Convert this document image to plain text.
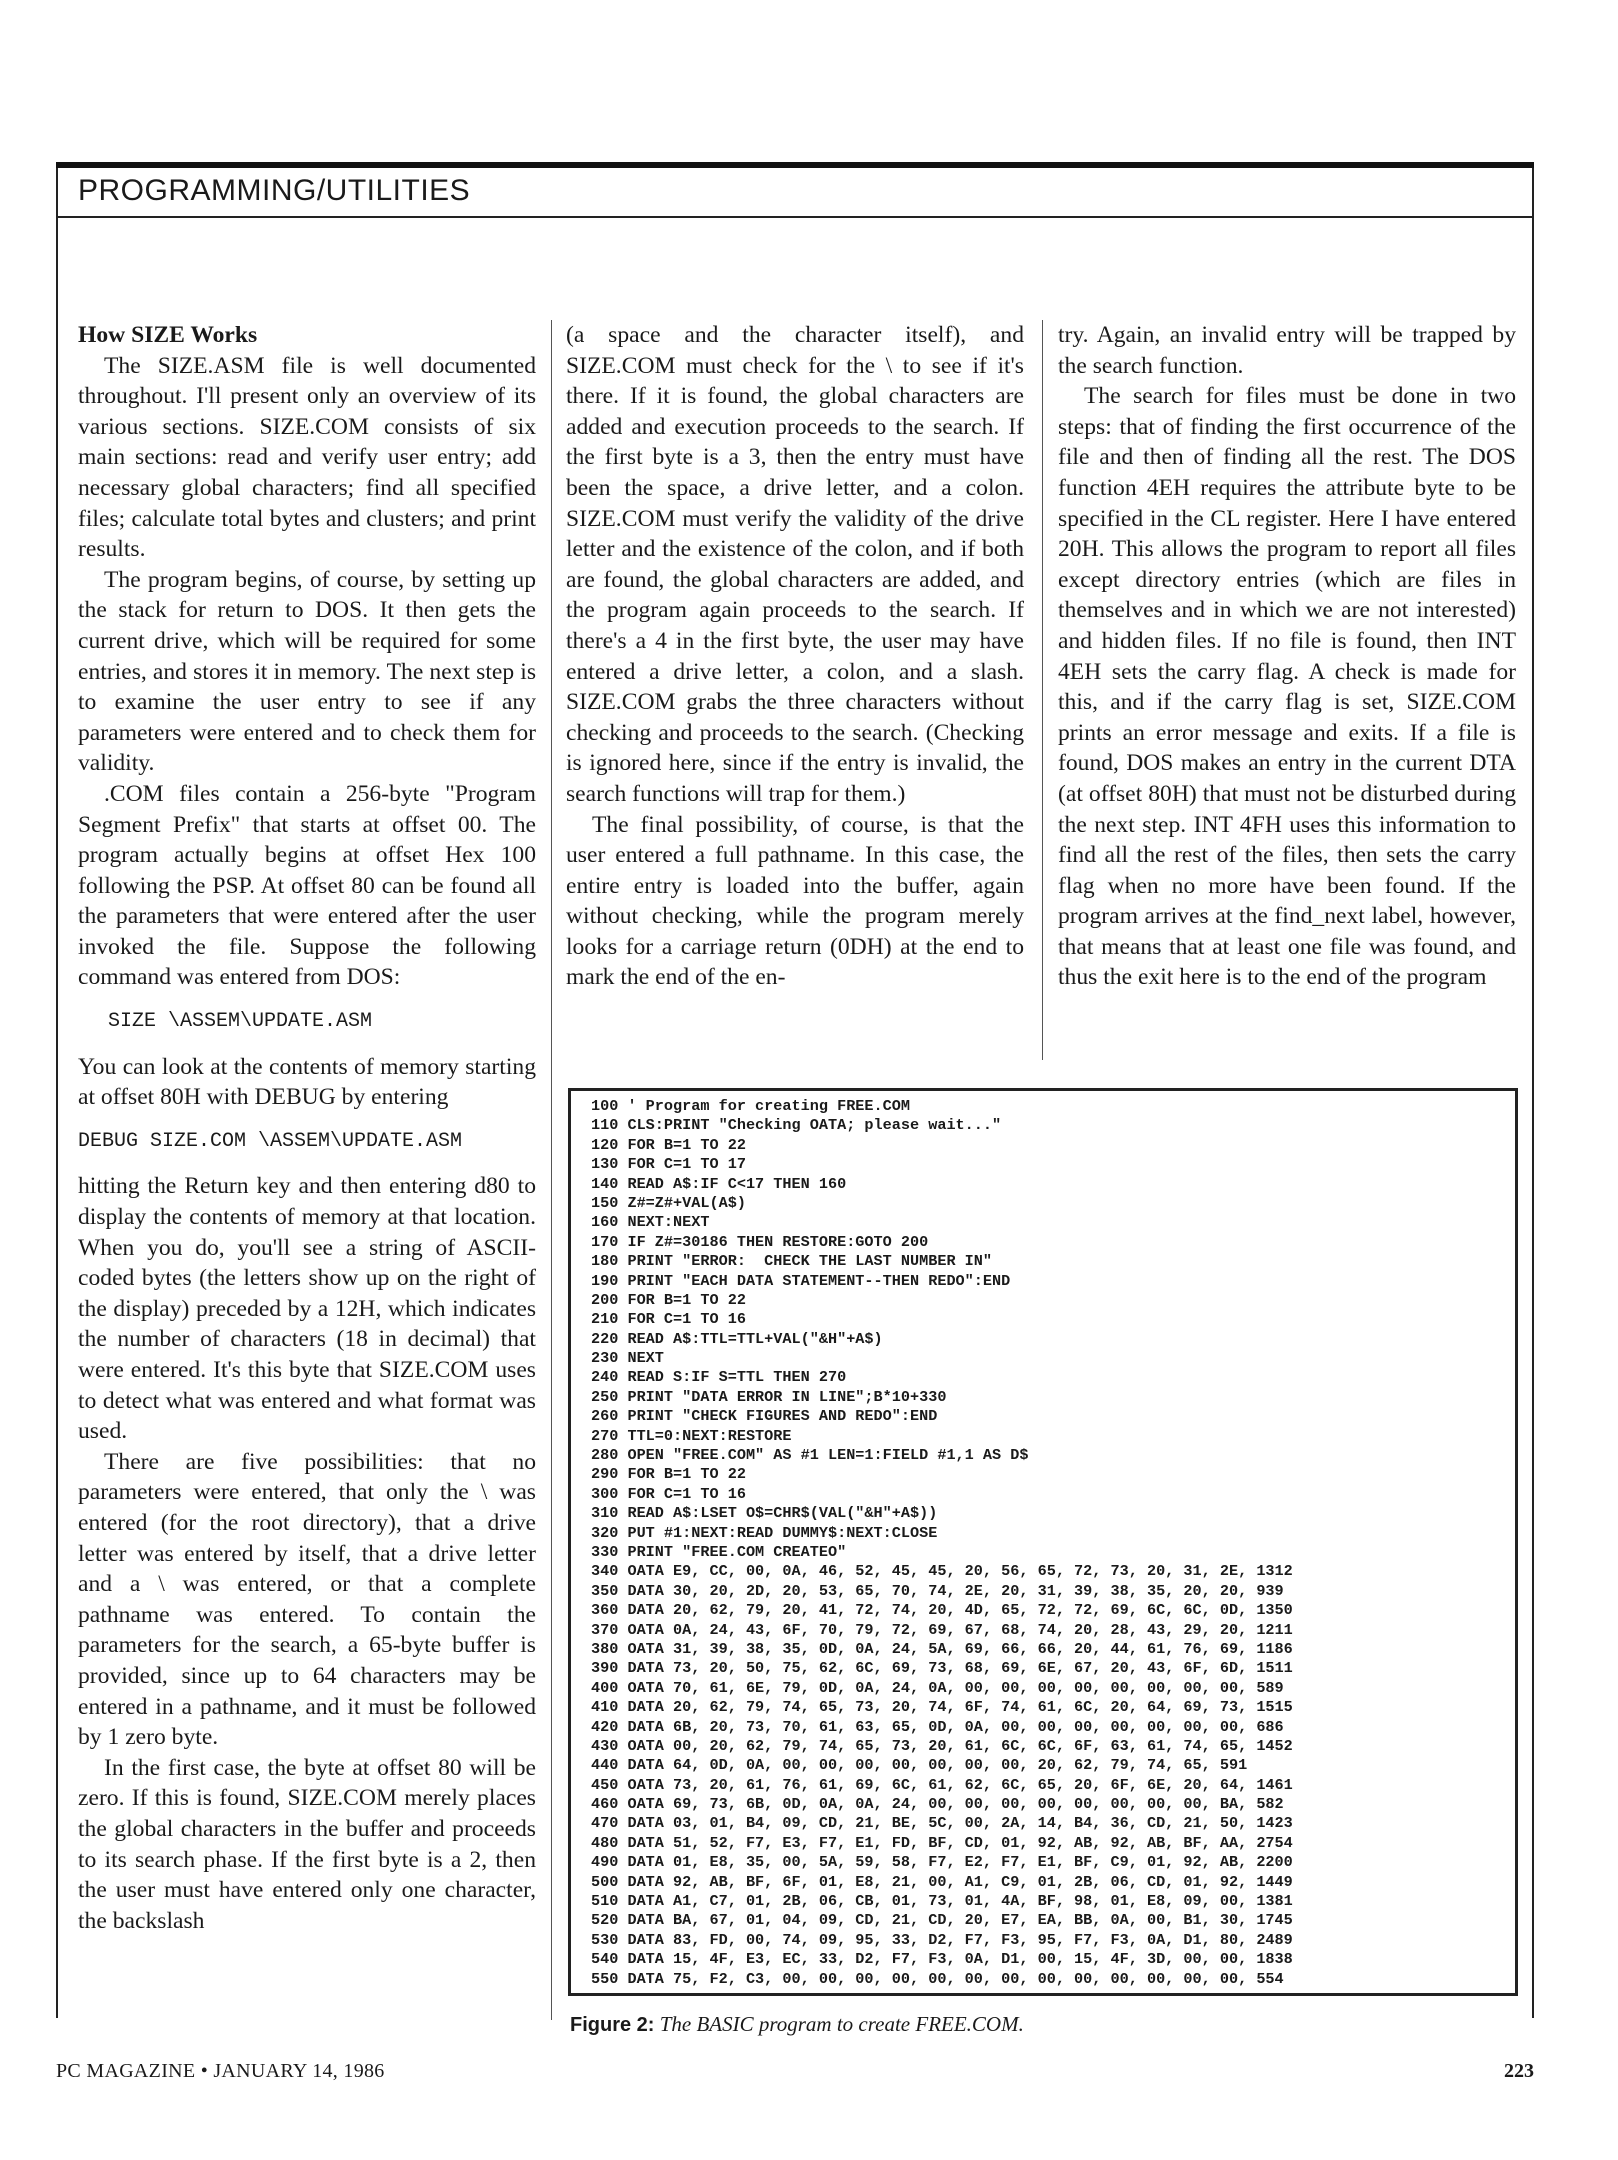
PROGRAMMING/UTILITIES

How SIZE Works

The SIZE.ASM file is well documented throughout. I'll present only an overview of its various sections. SIZE.COM consists of six main sections: read and verify user entry; add necessary global characters; find all specified files; calculate total bytes and clusters; and print results.

The program begins, of course, by setting up the stack for return to DOS. It then gets the current drive, which will be required for some entries, and stores it in memory. The next step is to examine the user entry to see if any parameters were entered and to check them for validity.

.COM files contain a 256-byte "Program Segment Prefix" that starts at offset 00. The program actually begins at offset Hex 100 following the PSP. At offset 80 can be found all the parameters that were entered after the user invoked the file. Suppose the following command was entered from DOS:

SIZE \ASSEM\UPDATE.ASM

You can look at the contents of memory starting at offset 80H with DEBUG by entering

DEBUG SIZE.COM \ASSEM\UPDATE.ASM

hitting the Return key and then entering d80 to display the contents of memory at that location. When you do, you'll see a string of ASCII-coded bytes (the letters show up on the right of the display) preceded by a 12H, which indicates the number of characters (18 in decimal) that were entered. It's this byte that SIZE.COM uses to detect what was entered and what format was used.

There are five possibilities: that no parameters were entered, that only the \ was entered (for the root directory), that a drive letter was entered by itself, that a drive letter and a \ was entered, or that a complete pathname was entered. To contain the parameters for the search, a 65-byte buffer is provided, since up to 64 characters may be entered in a pathname, and it must be followed by 1 zero byte.

In the first case, the byte at offset 80 will be zero. If this is found, SIZE.COM merely places the global characters in the buffer and proceeds to its search phase. If the first byte is a 2, then the user must have entered only one character, the backslash

(a space and the character itself), and SIZE.COM must check for the \ to see if it's there. If it is found, the global characters are added and execution proceeds to the search. If the first byte is a 3, then the entry must have been the space, a drive letter, and a colon. SIZE.COM must verify the validity of the drive letter and the existence of the colon, and if both are found, the global characters are added, and the program again proceeds to the search. If there's a 4 in the first byte, the user may have entered a drive letter, a colon, and a slash. SIZE.COM grabs the three characters without checking and proceeds to the search. (Checking is ignored here, since if the entry is invalid, the search functions will trap for them.)

The final possibility, of course, is that the user entered a full pathname. In this case, the entire entry is loaded into the buffer, again without checking, while the program merely looks for a carriage return (0DH) at the end to mark the end of the en-

try. Again, an invalid entry will be trapped by the search function.

The search for files must be done in two steps: that of finding the first occurrence of the file and then of finding all the rest. The DOS function 4EH requires the attribute byte to be specified in the CL register. Here I have entered 20H. This allows the program to report all files except directory entries (which are files in themselves and in which we are not interested) and hidden files. If no file is found, then INT 4EH sets the carry flag. A check is made for this, and if the carry flag is set, SIZE.COM prints an error message and exits. If a file is found, DOS makes an entry in the current DTA (at offset 80H) that must not be disturbed during the next step. INT 4FH uses this information to find all the rest of the files, then sets the carry flag when no more have been found. If the program arrives at the find_next label, however, that means that at least one file was found, and thus the exit here is to the end of the program

100 ' Program for creating FREE.COM
110 CLS:PRINT "Checking OATA; please wait..."
120 FOR B=1 TO 22
130 FOR C=1 TO 17
140 READ A$:IF C<17 THEN 160
150 Z#=Z#+VAL(A$)
160 NEXT:NEXT
170 IF Z#=30186 THEN RESTORE:GOTO 200
180 PRINT "ERROR:  CHECK THE LAST NUMBER IN"
190 PRINT "EACH DATA STATEMENT--THEN REDO":END
200 FOR B=1 TO 22
210 FOR C=1 TO 16
220 READ A$:TTL=TTL+VAL("&H"+A$)
230 NEXT
240 READ S:IF S=TTL THEN 270
250 PRINT "DATA ERROR IN LINE";B*10+330
260 PRINT "CHECK FIGURES AND REDO":END
270 TTL=0:NEXT:RESTORE
280 OPEN "FREE.COM" AS #1 LEN=1:FIELD #1,1 AS D$
290 FOR B=1 TO 22
300 FOR C=1 TO 16
310 READ A$:LSET O$=CHR$(VAL("&H"+A$))
320 PUT #1:NEXT:READ DUMMY$:NEXT:CLOSE
330 PRINT "FREE.COM CREATEO"
340 OATA E9, CC, 00, 0A, 46, 52, 45, 45, 20, 56, 65, 72, 73, 20, 31, 2E, 1312
350 DATA 30, 20, 2D, 20, 53, 65, 70, 74, 2E, 20, 31, 39, 38, 35, 20, 20, 939
360 DATA 20, 62, 79, 20, 41, 72, 74, 20, 4D, 65, 72, 72, 69, 6C, 6C, 0D, 1350
370 OATA 0A, 24, 43, 6F, 70, 79, 72, 69, 67, 68, 74, 20, 28, 43, 29, 20, 1211
380 OATA 31, 39, 38, 35, 0D, 0A, 24, 5A, 69, 66, 66, 20, 44, 61, 76, 69, 1186
390 DATA 73, 20, 50, 75, 62, 6C, 69, 73, 68, 69, 6E, 67, 20, 43, 6F, 6D, 1511
400 OATA 70, 61, 6E, 79, 0D, 0A, 24, 0A, 00, 00, 00, 00, 00, 00, 00, 00, 589
410 DATA 20, 62, 79, 74, 65, 73, 20, 74, 6F, 74, 61, 6C, 20, 64, 69, 73, 1515
420 DATA 6B, 20, 73, 70, 61, 63, 65, 0D, 0A, 00, 00, 00, 00, 00, 00, 00, 686
430 OATA 00, 20, 62, 79, 74, 65, 73, 20, 61, 6C, 6C, 6F, 63, 61, 74, 65, 1452
440 DATA 64, 0D, 0A, 00, 00, 00, 00, 00, 00, 00, 20, 62, 79, 74, 65, 591
450 OATA 73, 20, 61, 76, 61, 69, 6C, 61, 62, 6C, 65, 20, 6F, 6E, 20, 64, 1461
460 OATA 69, 73, 6B, 0D, 0A, 0A, 24, 00, 00, 00, 00, 00, 00, 00, 00, BA, 582
470 DATA 03, 01, B4, 09, CD, 21, BE, 5C, 00, 2A, 14, B4, 36, CD, 21, 50, 1423
480 DATA 51, 52, F7, E3, F7, E1, FD, BF, CD, 01, 92, AB, 92, AB, BF, AA, 2754
490 DATA 01, E8, 35, 00, 5A, 59, 58, F7, E2, F7, E1, BF, C9, 01, 92, AB, 2200
500 DATA 92, AB, BF, 6F, 01, E8, 21, 00, A1, C9, 01, 2B, 06, CD, 01, 92, 1449
510 DATA A1, C7, 01, 2B, 06, CB, 01, 73, 01, 4A, BF, 98, 01, E8, 09, 00, 1381
520 DATA BA, 67, 01, 04, 09, CD, 21, CD, 20, E7, EA, BB, 0A, 00, B1, 30, 1745
530 DATA 83, FD, 00, 74, 09, 95, 33, D2, F7, F3, 95, F7, F3, 0A, D1, 80, 2489
540 DATA 15, 4F, E3, EC, 33, D2, F7, F3, 0A, D1, 00, 15, 4F, 3D, 00, 00, 1838
550 DATA 75, F2, C3, 00, 00, 00, 00, 00, 00, 00, 00, 00, 00, 00, 00, 00, 554
Figure 2: The BASIC program to create FREE.COM.
PC MAGAZINE • JANUARY 14, 1986	223
